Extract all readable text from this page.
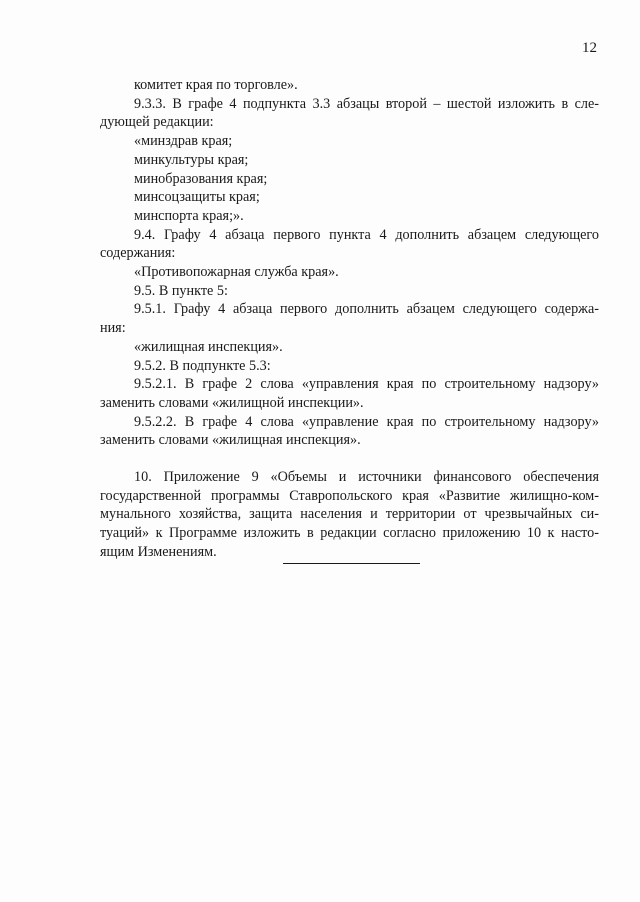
12
комитет края по торговле».
9.3.3. В графе 4 подпункта 3.3 абзацы второй – шестой изложить в сле-
дующей редакции:
«минздрав края;
минкультуры края;
минобразования края;
минсоцзащиты края;
минспорта края;».
9.4. Графу 4 абзаца первого пункта 4 дополнить абзацем следующего
содержания:
«Противопожарная служба края».
9.5. В пункте 5:
9.5.1. Графу 4 абзаца первого дополнить абзацем следующего содержа-
ния:
«жилищная инспекция».
9.5.2. В подпункте 5.3:
9.5.2.1. В графе 2 слова «управления края по строительному надзору»
заменить словами «жилищной инспекции».
9.5.2.2. В графе 4 слова «управление края по строительному надзору»
заменить словами «жилищная инспекция».
10. Приложение 9 «Объемы и источники финансового обеспечения
государственной программы Ставропольского края «Развитие жилищно-ком-
мунального хозяйства, защита населения и территории от чрезвычайных си-
туаций» к Программе изложить в редакции согласно приложению 10 к насто-
ящим Изменениям.
